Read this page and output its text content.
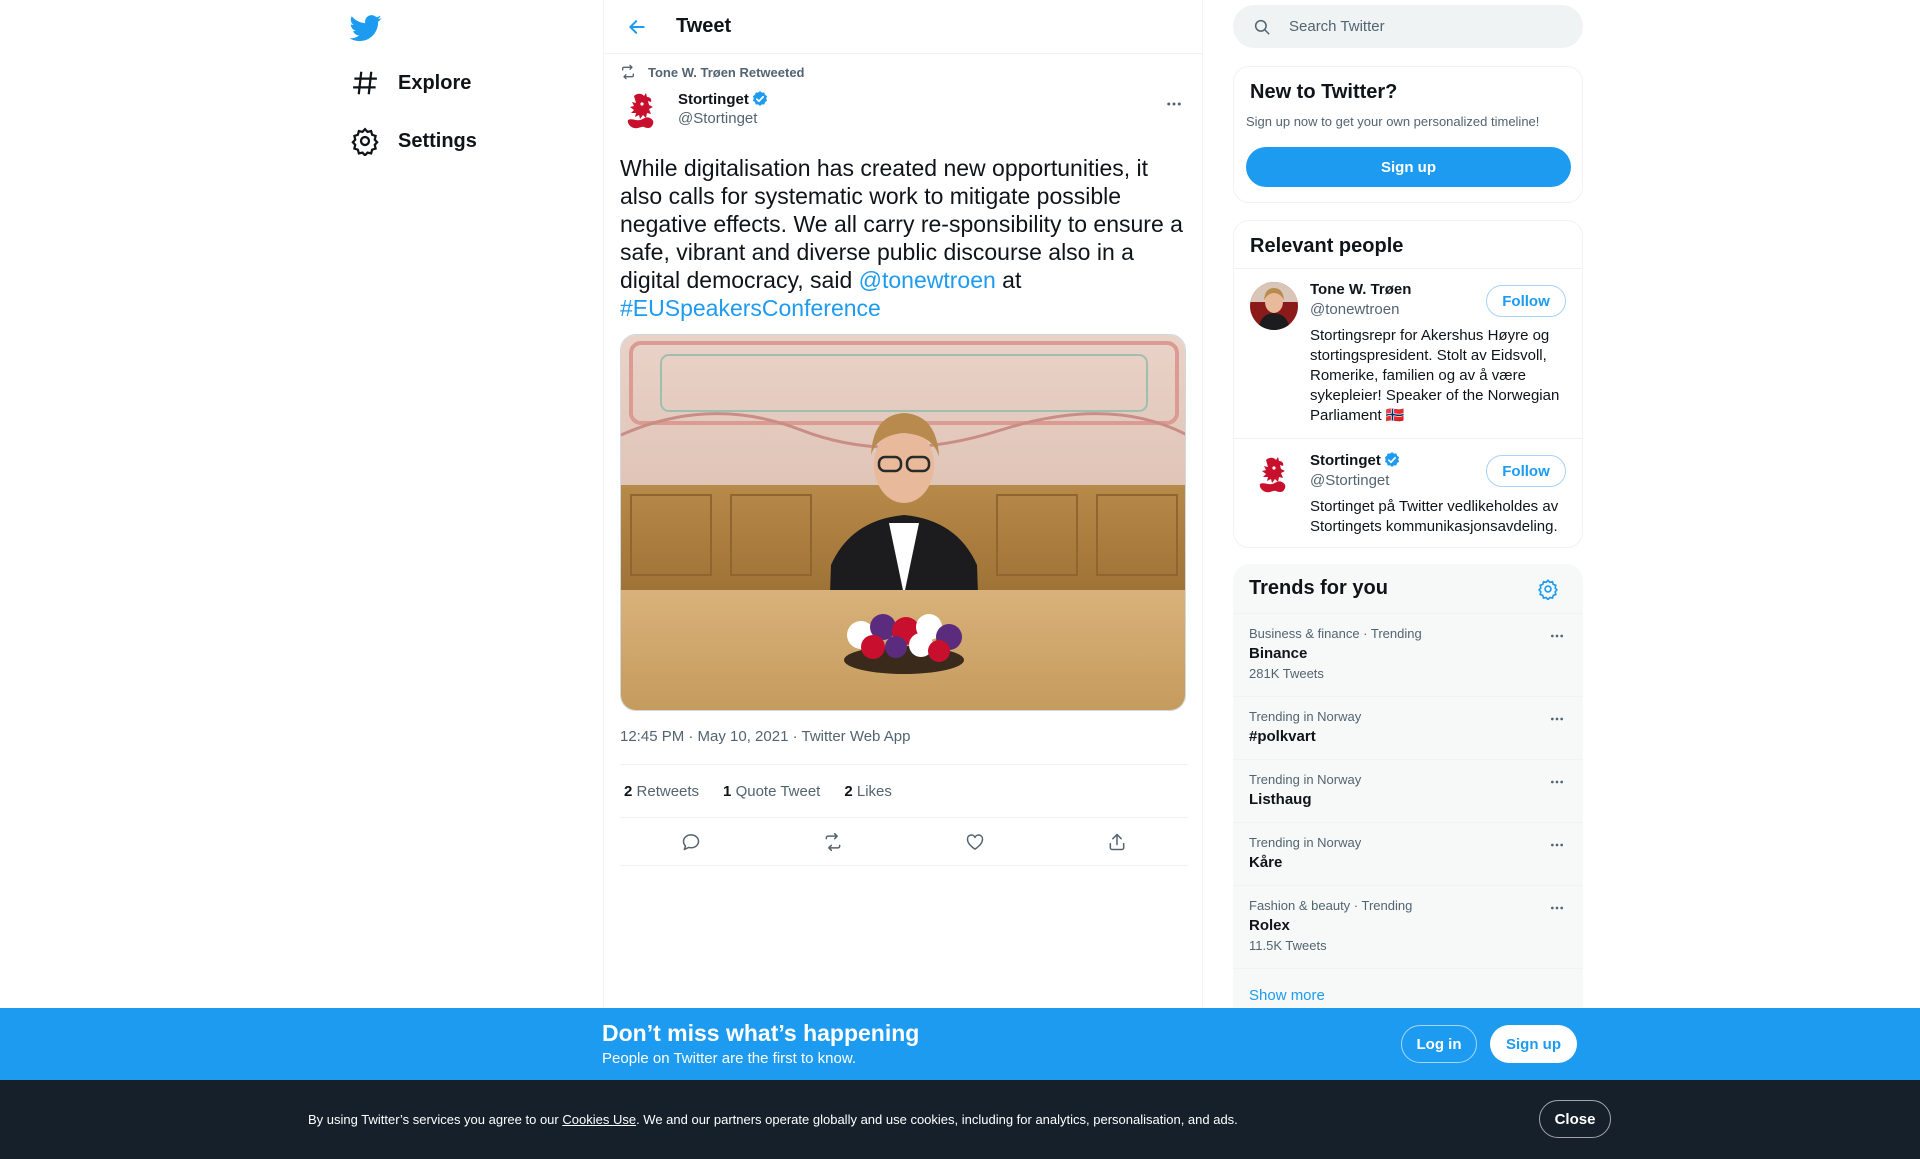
Explore
Settings
Tweet
Tone W. Trøen Retweeted
Stortinget
@Stortinget
While digitalisation has created new opportunities, it also calls for systematic work to mitigate possible negative effects. We all carry re-sponsibility to ensure a safe, vibrant and diverse public discourse also in a digital democracy, said @tonewtroen at
#EUSpeakersConference
12:45 PM · May 10, 2021 · Twitter Web App
2 Retweets 1 Quote Tweet 2 Likes
Search Twitter
New to Twitter?
Sign up now to get your own personalized timeline!
Sign up
Relevant people
Tone W. Trøen
@tonewtroen
Stortingsrepr for Akershus Høyre og stortingspresident. Stolt av Eidsvoll, Romerike, familien og av å være sykepleier! Speaker of the Norwegian Parliament 🇳🇴
Follow
Stortinget
@Stortinget
Stortinget på Twitter vedlikeholdes av Stortingets kommunikasjonsavdeling.
Follow
Trends for you
Business & finance · Trending
Binance
281K Tweets
Trending in Norway
#polkvart
Trending in Norway
Listhaug
Trending in Norway
Kåre
Fashion & beauty · Trending
Rolex
11.5K Tweets
Show more
Don’t miss what’s happening
People on Twitter are the first to know.
Log in	Sign up
By using Twitter’s services you agree to our Cookies Use. We and our partners operate globally and use cookies, including for analytics, personalisation, and ads.	Close
